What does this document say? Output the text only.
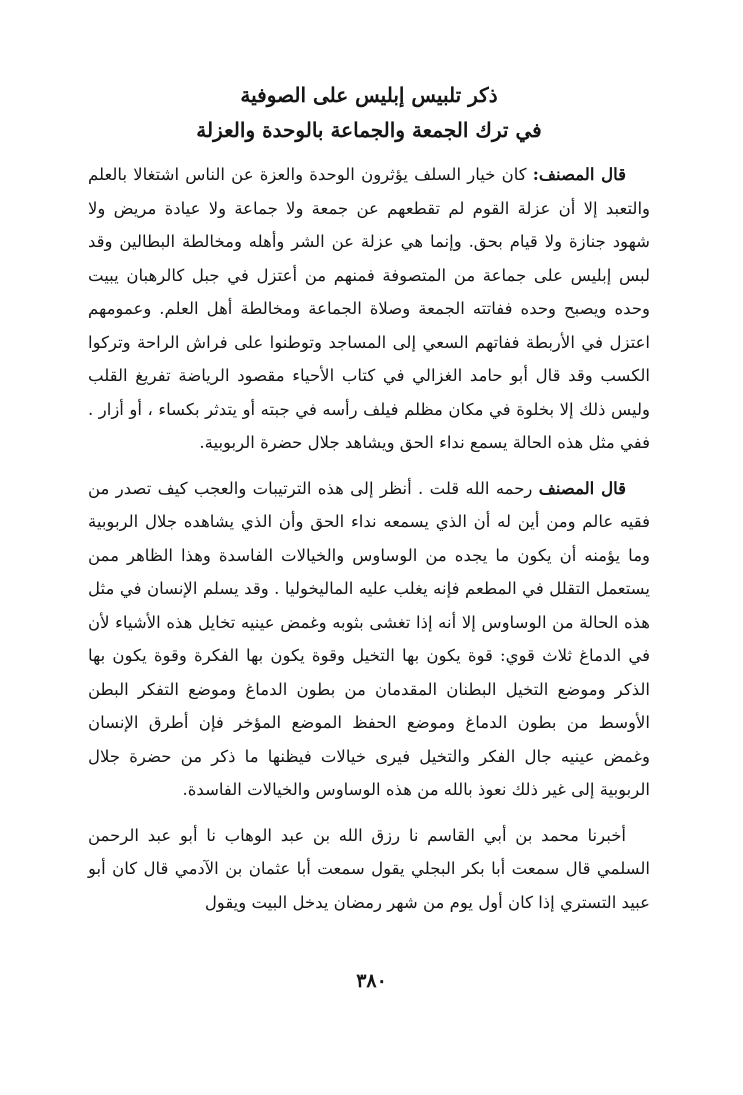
ذكر تلبيس إبليس على الصوفية
في ترك الجمعة والجماعة بالوحدة والعزلة

قال المصنف: كان خيار السلف يؤثرون الوحدة والعزة عن الناس اشتغالا بالعلم والتعبد إلا أن عزلة القوم لم تقطعهم عن جمعة ولا جماعة ولا عيادة مريض ولا شهود جنازة ولا قيام بحق. وإنما هي عزلة عن الشر وأهله ومخالطة البطالين وقد لبس إبليس على جماعة من المتصوفة فمنهم من أعتزل في جبل كالرهبان يبيت وحده ويصبح وحده ففاتته الجمعة وصلاة الجماعة ومخالطة أهل العلم. وعمومهم اعتزل في الأربطة ففاتهم السعي إلى المساجد وتوطنوا على فراش الراحة وتركوا الكسب وقد قال أبو حامد الغزالي في كتاب الأحياء مقصود الرياضة تفريغ القلب وليس ذلك إلا بخلوة في مكان مظلم فيلف رأسه في جبته أو يتدثر بكساء ، أو أزار . ففي مثل هذه الحالة يسمع نداء الحق ويشاهد جلال حضرة الربوبية.

قال المصنف رحمه الله قلت . أنظر إلى هذه الترتيبات والعجب كيف تصدر من فقيه عالم ومن أين له أن الذي يسمعه نداء الحق وأن الذي يشاهده جلال الربوبية وما يؤمنه أن يكون ما يجده من الوساوس والخيالات الفاسدة وهذا الظاهر ممن يستعمل التقلل في المطعم فإنه يغلب عليه الماليخوليا . وقد يسلم الإنسان في مثل هذه الحالة من الوساوس إلا أنه إذا تغشى بثوبه وغمض عينيه تخايل هذه الأشياء لأن في الدماغ ثلاث قوي: قوة يكون بها التخيل وقوة يكون بها الفكرة وقوة يكون بها الذكر وموضع التخيل البطنان المقدمان من بطون الدماغ وموضع التفكر البطن الأوسط من بطون الدماغ وموضع الحفظ الموضع المؤخر فإن أطرق الإنسان وغمض عينيه جال الفكر والتخيل فيرى خيالات فيظنها ما ذكر من حضرة جلال الربوبية إلى غير ذلك نعوذ بالله من هذه الوساوس والخيالات الفاسدة.

أخبرنا محمد بن أبي القاسم نا رزق الله بن عبد الوهاب نا أبو عبد الرحمن السلمي قال سمعت أبا بكر البجلي يقول سمعت أبا عثمان بن الآدمي قال كان أبو عبيد التستري إذا كان أول يوم من شهر رمضان يدخل البيت ويقول

٣٨٠
